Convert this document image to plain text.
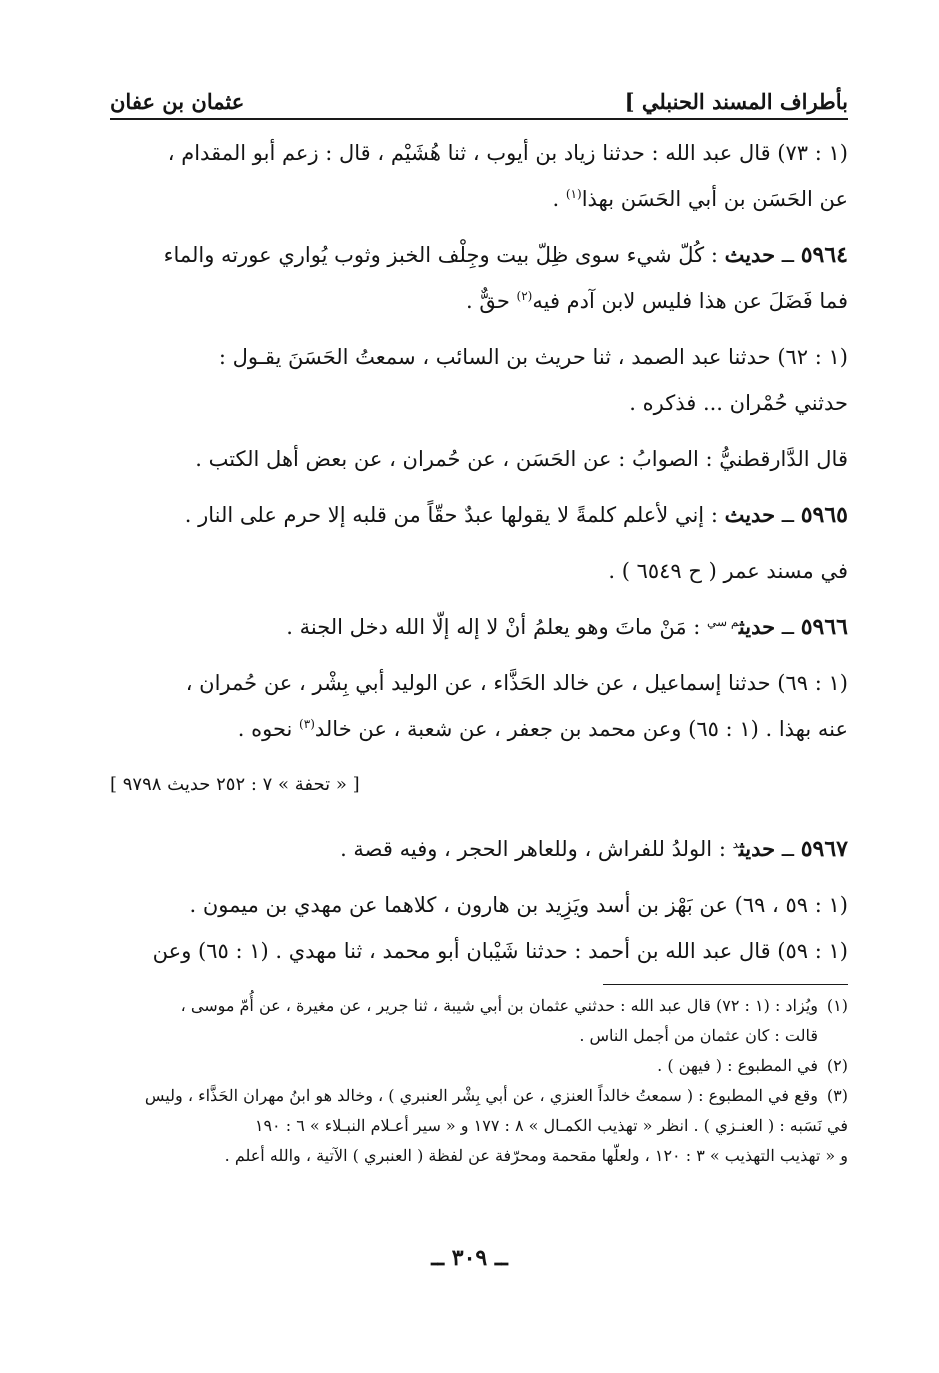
بأطراف المسند الحنبلي ]
عثمان بن عفان
(١ : ٧٣) قال عبد الله : حدثنا زياد بن أيوب ، ثنا هُشَيْم ، قال : زعم أبو المقدام ،
عن الحَسَن بن أبي الحَسَن بهذا$^{(١)}$ .
٥٩٦٤ ــ حديث : كُلّ شيء سوى ظِلّ بيت وجِلْف الخبز وثوب يُواري عورته والماء
فما فَضَلَ عن هذا فليس لابن آدم فيه$^{(٢)}$ حقٌّ .
(١ : ٦٢) حدثنا عبد الصمد ، ثنا حريث بن السائب ، سمعتُ الحَسَنَ يقـول :
حدثني حُمْران ... فذكره .
قال الدَّارقطنيُّ : الصوابُ : عن الحَسَن ، عن حُمران ، عن بعض أهل الكتب .
٥٩٦٥ ــ حديث : إني لأعلم كلمةً لا يقولها عبدٌ حقّاً من قلبه إلا حرم على النار .
في مسند عمر ( ح ٦٥٤٩ ) .
٥٩٦٦ ــ حديث$^{م سي}$ : مَنْ ماتَ وهو يعلمُ أنْ لا إله إلّا الله دخل الجنة .
(١ : ٦٩) حدثنا إسماعيل ، عن خالد الحَذَّاء ، عن الوليد أبي بِشْر ، عن حُمران ،
عنه بهذا . (١ : ٦٥) وعن محمد بن جعفر ، عن شعبة ، عن خالد$^{(٣)}$ نحوه .
[ « تحفة » ٧ : ٢٥٢ حديث ٩٧٩٨ ]
٥٩٦٧ ــ حديث$^د$ : الولدُ للفراش ، وللعاهر الحجر ، وفيه قصة .
(١ : ٥٩ ، ٦٩) عن بَهْز بن أسد ويَزِيد بن هارون ، كلاهما عن مهدي بن ميمون .
(١ : ٥٩) قال عبد الله بن أحمد : حدثنا شَيْبان أبو محمد ، ثنا مهدي . (١ : ٦٥) وعن

(١)ويُزاد : (١ : ٧٢) قال عبد الله : حدثني عثمان بن أبي شيبة ، ثنا جرير ، عن مغيرة ، عن أُمّ موسى ،

قالت : كان عثمان من أجمل الناس .

(٢)في المطبوع : ( فيهن ) .

(٣)وقع في المطبوع : ( سمعتُ خالداً العنزي ، عن أبي بِشْر العنبري ) ، وخالد هو ابنُ مهران الحَذَّاء ، وليس

في نَسَبه : ( العنـزي ) . انظر « تهذيب الكمـال » ٨ : ١٧٧ و « سير أعـلام النبـلاء » ٦ : ١٩٠

و « تهذيب التهذيب » ٣ : ١٢٠ ، ولعلّها مقحمة ومحرّفة عن لفظة ( العنبري ) الآتية ، والله أعلم .

ــ ٣٠٩ ــ
